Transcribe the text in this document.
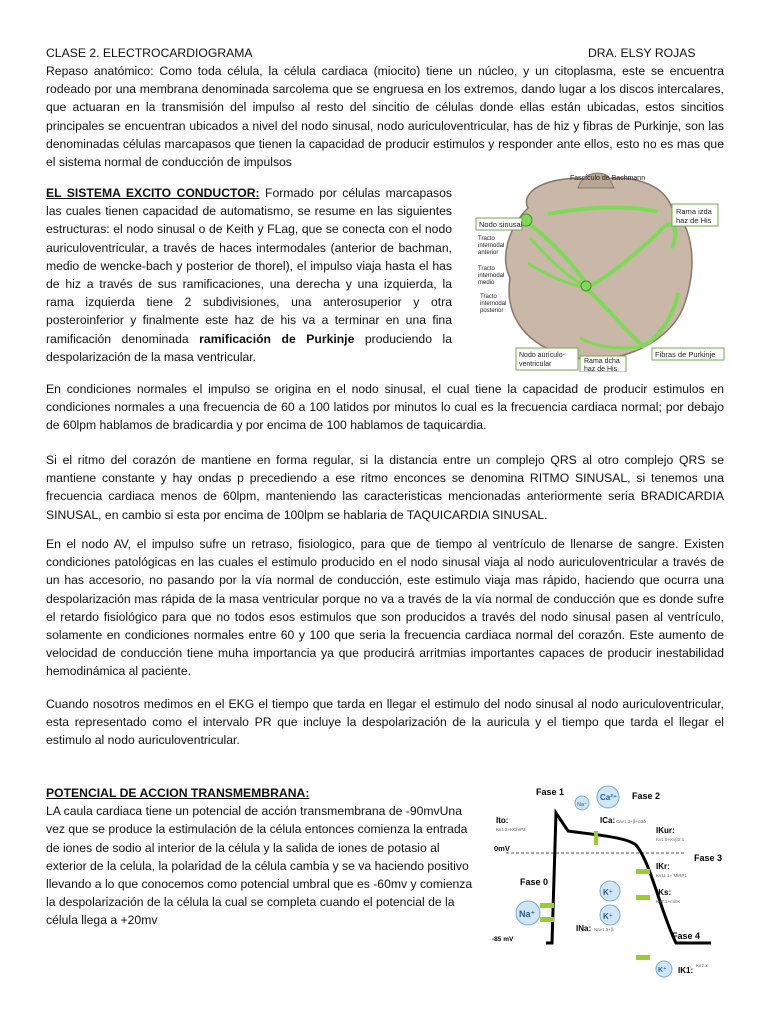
CLASE 2. ELECTROCARDIOGRAMA	DRA. ELSY ROJAS
Repaso anatómico: Como toda célula, la célula cardiaca (miocito) tiene un núcleo, y un citoplasma, este se encuentra rodeado por una membrana denominada sarcolema que se engruesa en los extremos, dando lugar a los discos intercalares, que actuaran en la transmisión del impulso al resto del sincitio de células donde ellas están ubicadas, estos sincitios principales se encuentran ubicados a nivel del nodo sinusal, nodo auriculoventricular, has de hiz y fibras de Purkinje, son las denominadas células marcapasos que tienen la capacidad de producir estimulos y responder ante ellos, esto no es mas que el sistema normal de conducción de impulsos
EL SISTEMA EXCITO CONDUCTOR: Formado por células marcapasos las cuales tienen capacidad de automatismo, se resume en las siguientes estructuras: el nodo sinusal o de Keith y FLag, que se conecta con el nodo auriculoventricular, a través de haces intermodales (anterior de bachman, medio de wencke-bach y posterior de thorel), el impulso viaja hasta el has de hiz a través de sus ramificaciones, una derecha y una izquierda, la rama izquierda tiene 2 subdivisiones, una anterosuperior y otra posteroinferior y finalmente este haz de his va a terminar en una fina ramificación denominada ramificación de Purkinje produciendo la despolarización de la masa ventricular.
Fascículo de Bachmann
Nodo sinusal
Rama izda
haz de His
Tracto
internodal
anterior
Tracto
internodal
medio
Tracto
internodal
posterior
Nodo aurículo-
ventricular	Rama dcha
haz de His
Fibras de Purkinje
En condiciones normales el impulso se origina en el nodo sinusal, el cual tiene la capacidad de producir estimulos en condiciones normales a una frecuencia de 60 a 100 latidos por minutos lo cual es la frecuencia cardiaca normal; por debajo de 60lpm hablamos de bradicardia y por encima de 100 hablamos de taquicardia.
Si el ritmo del corazón de mantiene en forma regular, si la distancia entre un complejo QRS al otro complejo QRS se mantiene constante y hay ondas p precediendo a ese ritmo enconces se denomina RITMO SINUSAL, si tenemos una frecuencia cardiaca menos de 60lpm, manteniendo las caracteristicas mencionadas anteriormente seria BRADICARDIA SINUSAL, en cambio si esta por encima de 100lpm se hablaria de TAQUICARDIA SINUSAL.
En el nodo AV, el impulso sufre un retraso, fisiologico, para que de tiempo al ventrículo de llenarse de sangre. Existen condiciones patológicas en las cuales el estimulo producido en el nodo sinusal viaja al nodo auriculoventricular a través de un has accesorio, no pasando por la vía normal de conducción, este estimulo viaja mas rápido, haciendo que ocurra una despolarización mas rápida de la masa ventricular porque no va a través de la vía normal de conducción que es donde sufre el retardo fisiológico para que no todos esos estimulos que son producidos a través del nodo sinusal pasen al ventrículo, solamente en condiciones normales entre 60 y 100 que seria la frecuencia cardiaca normal del corazón. Este aumento de velocidad de conducción tiene muha importancia ya que producirá arritmias importantes capaces de producir inestabilidad hemodinámica al paciente.
Cuando nosotros medimos en el EKG el tiempo que tarda en llegar el estimulo del nodo sinusal al nodo auriculoventricular, esta representado como el intervalo PR que incluye la despolarización de la auricula y el tiempo que tarda el llegar el estimulo al nodo auriculoventricular.
POTENCIAL DE ACCION TRANSMEMBRANA:
LA caula cardiaca tiene un potencial de acción transmembrana de -90mvUna vez que se produce la estimulación de la célula entonces comienza la entrada de iones de sodio al interior de la célula y la salida de iones de potasio al exterior de la celula, la polaridad de la célula cambia y se va haciendo positivo llevando a lo que conocemos como potencial umbral que es -60mv y comienza la despolarización de la célula la cual se completa cuando el potencial de la célula llega a +20mv
Fase 1	Fase 2
Fase 3
Fase 0
Fase 4
0mV
-85 mV
Na⁺
Ca²⁺
K⁺
K⁺
Na⁺
K⁺
Ito:
Kv4.3+KChIP2
ICa: Cav1.2+β+α2δ
IKur:
Kv1.5+Kvβ2.1
IKr:
Kv11.1+ MiRP1
IKs:
Kv7.1+minK
INa: Nav1.5+β
IK1:
Kir2.x
